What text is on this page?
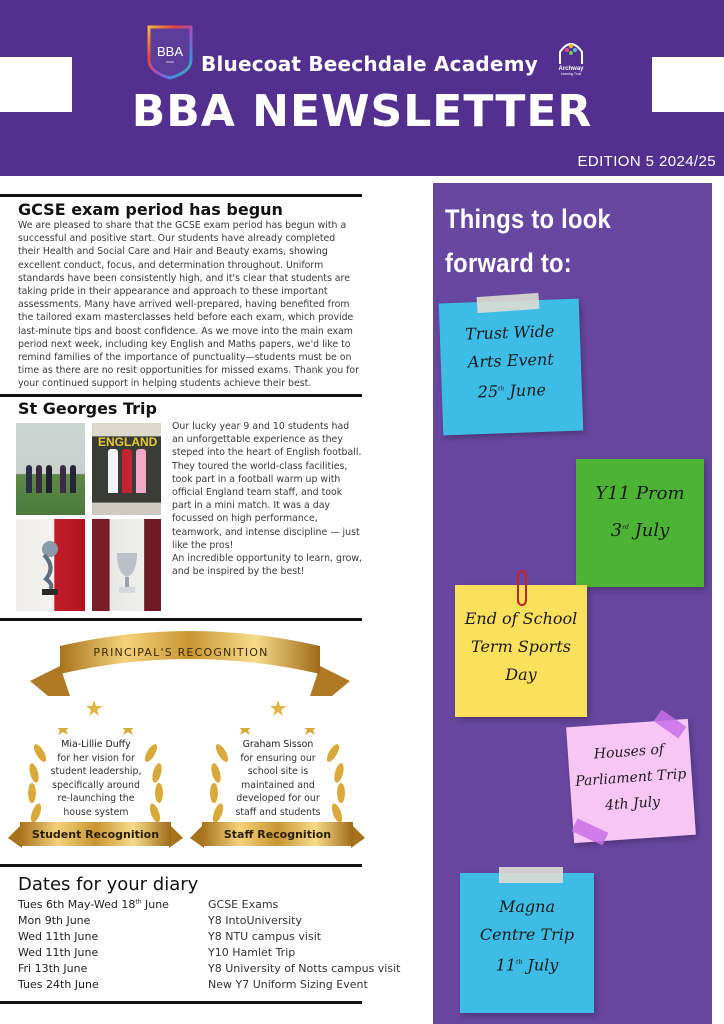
BBA
Bluecoat Beechdale Academy	Archway
Learning Trust
BBA NEWSLETTER
EDITION 5 2024/25
GCSE exam period has begun
We are pleased to share that the GCSE exam period has begun with a
successful and positive start. Our students have already completed
their Health and Social Care and Hair and Beauty exams, showing
excellent conduct, focus, and determination throughout. Uniform
standards have been consistently high, and it's clear that students are
taking pride in their appearance and approach to these important
assessments. Many have arrived well-prepared, having benefited from
the tailored exam masterclasses held before each exam, which provide
last-minute tips and boost confidence. As we move into the main exam
period next week, including key English and Maths papers, we'd like to
remind families of the importance of punctuality—students must be on
time as there are no resit opportunities for missed exams. Thank you for
your continued support in helping students achieve their best.
St Georges Trip
ENGLAND
Our lucky year 9 and 10 students had
an unforgettable experience as they
steped into the heart of English football.
They toured the world-class facilities,
took part in a football warm up with
official England team staff, and took
part in a mini match. It was a day
focussed on high performance,
teamwork, and intense discipline — just
like the pros!
An incredible opportunity to learn, grow,
and be inspired by the best!
PRINCIPAL'S RECOGNITION
Mia-Lillie Duffy
for her vision for
student leadership,
specifically around
re-launching the
house system
Student Recognition
Graham Sisson
for ensuring our
school site is
maintained and
developed for our
staff and students
Staff Recognition
Dates for your diary
Tues 6th May-Wed 18th June	GCSE Exams
Mon 9th June	Y8 IntoUniversity
Wed 11th June	Y8 NTU campus visit
Wed 11th June	Y10 Hamlet Trip
Fri 13th June	Y8 University of Notts campus visit
Tues 24th June	New Y7 Uniform Sizing Event
Things to look
forward to:
Trust Wide
Arts Event
25th June
Y11 Prom
3rd July
End of School
Term Sports
Day
Houses of
Parliament Trip
4th July
Magna
Centre Trip
11th July
